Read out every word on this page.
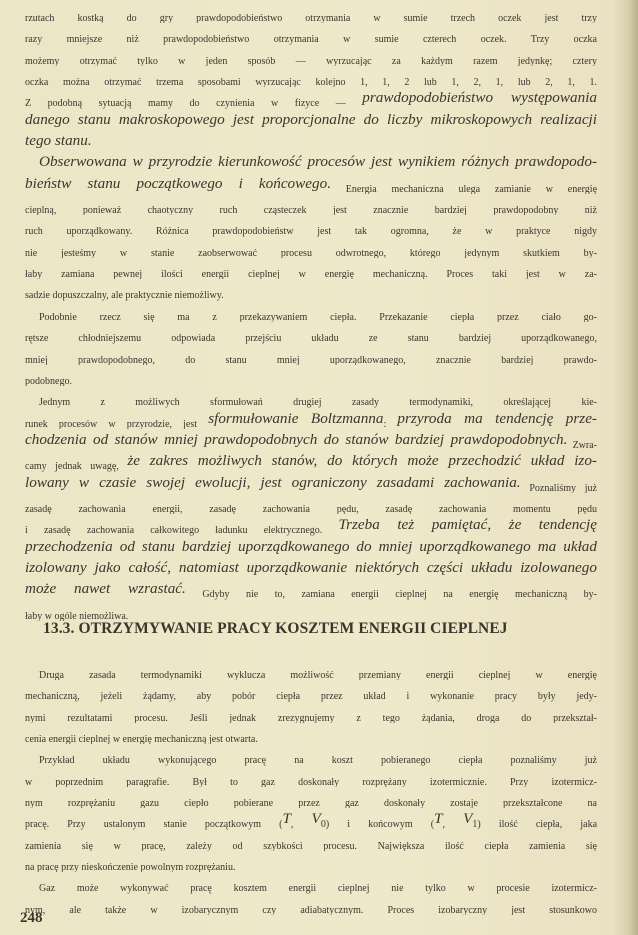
$_{rzutach kostką do gry prawdopodobieństwo otrzymania w sumie trzech oczek jest trzy}$
$_{razy mniejsze niż prawdopodobieństwo otrzymania w sumie czterech oczek. Trzy oczka}$
$_{możemy otrzymać tylko w jeden sposób — wyrzucając za każdym razem jedynkę; cztery}$
$_{oczka można otrzymać trzema sposobami wyrzucając kolejno 1, 1, 2 lub 1, 2, 1, lub 2, 1, 1.}$
$_{Z podobną sytuacją mamy do czynienia w fizyce —}$ prawdopodobieństwo występowania
danego stanu makroskopowego jest proporcjonalne do liczby mikroskopowych realizacji
tego stanu.
Obserwowana w przyrodzie kierunkowość procesów jest wynikiem różnych prawdopodo-
bieństw stanu początkowego i końcowego. $_{Energia mechaniczna ulega zamianie w energię}$
$_{cieplną, ponieważ chaotyczny ruch cząsteczek jest znacznie bardziej prawdopodobny niż}$
$_{ruch uporządkowany. Różnica prawdopodobieństw jest tak ogromna, że w praktyce nigdy}$
$_{nie jesteśmy w stanie zaobserwować procesu odwrotnego, którego jedynym skutkiem by-}$
$_{łaby zamiana pewnej ilości energii cieplnej w energię mechaniczną. Proces taki jest w za-}$
$_{sadzie dopuszczalny, ale praktycznie niemożliwy.}$
$_{Podobnie rzecz się ma z przekazywaniem ciepła. Przekazanie ciepła przez ciało go-}$
$_{rętsze chłodniejszemu odpowiada przejściu układu ze stanu bardziej uporządkowanego,}$
$_{mniej prawdopodobnego, do stanu mniej uporządkowanego, znacznie bardziej prawdo-}$
$_{podobnego.}$
$_{Jednym z możliwych sformułowań drugiej zasady termodynamiki, określającej kie-}$
$_{runek procesów w przyrodzie, jest}$ sformułowanie Boltzmanna$_:$ przyroda ma tendencję prze-
chodzenia od stanów mniej prawdopodobnych do stanów bardziej prawdopodobnych. $_{Zwra-}$
$_{camy jednak uwagę,}$ że zakres możliwych stanów, do których może przechodzić układ izo-
lowany w czasie swojej ewolucji, jest ograniczony zasadami zachowania. $_{Poznaliśmy już}$
$_{zasadę zachowania energii, zasadę zachowania pędu, zasadę zachowania momentu pędu}$
$_{i zasadę zachowania całkowitego ładunku elektrycznego.}$ Trzeba też pamiętać, że tendencję
przechodzenia od stanu bardziej uporządkowanego do mniej uporządkowanego ma układ
izolowany jako całość, natomiast uporządkowanie niektórych części układu izolowanego
może nawet wzrastać. $_{Gdyby nie to, zamiana energii cieplnej na energię mechaniczną by-}$
$_{łaby w ogóle niemożliwa.}$
13.3. OTRZYMYWANIE PRACY KOSZTEM ENERGII CIEPLNEJ
$_{Druga zasada termodynamiki wyklucza możliwość przemiany energii cieplnej w energię}$
$_{mechaniczną, jeżeli żądamy, aby pobór ciepła przez układ i wykonanie pracy były jedy-}$
$_{nymi rezultatami procesu. Jeśli jednak zrezygnujemy z tego żądania, droga do przekształ-}$
$_{cenia energii cieplnej w energię mechaniczną jest otwarta.}$
$_{Przykład układu wykonującego pracę na koszt pobieranego ciepła poznaliśmy już}$
$_{w poprzednim paragrafie. Był to gaz doskonały rozprężany izotermicznie. Przy izotermicz-}$
$_{nym rozprężaniu gazu ciepło pobierane przez gaz doskonały zostaje przekształcone na}$
$_{pracę. Przy ustalonym stanie początkowym (}T_,$ $V_{0) i końcowym (}T_,$ $V_{1) ilość ciepła, jaka}$
$_{zamienia się w pracę, zależy od szybkości procesu. Największa ilość ciepła zamienia się}$
$_{na pracę przy nieskończenie powolnym rozprężaniu.}$
$_{Gaz może wykonywać pracę kosztem energii cieplnej nie tylko w procesie izotermicz-}$
$_{nym, ale także w izobarycznym czy adiabatycznym. Proces izobaryczny jest stosunkowo}$
248
